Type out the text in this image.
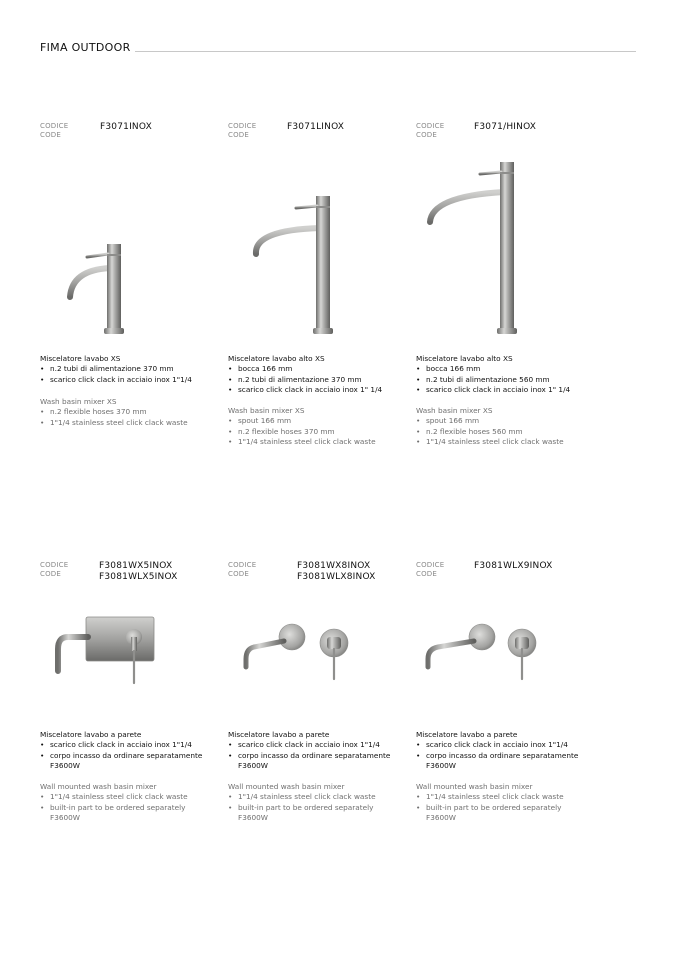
FIMA OUTDOOR
CODICE
CODE
F3071INOX

Miscelatore lavabo XS

• n.2 tubi di alimentazione 370 mm
• scarico click clack in acciaio inox 1"1/4

Wash basin mixer XS

• n.2 flexible hoses 370 mm
• 1"1/4 stainless steel click clack waste
CODICE
CODE
F3071LINOX

Miscelatore lavabo alto XS

• bocca 166 mm
• n.2 tubi di alimentazione 370 mm
• scarico click clack in acciaio inox 1" 1/4

Wash basin mixer XS

• spout 166 mm
• n.2 flexible hoses 370 mm
• 1"1/4 stainless steel click clack waste
CODICE
CODE
F3071/HINOX

Miscelatore lavabo alto XS

• bocca 166 mm
• n.2 tubi di alimentazione 560 mm
• scarico click clack in acciaio inox 1" 1/4

Wash basin mixer XS

• spout 166 mm
• n.2 flexible hoses 560 mm
• 1"1/4 stainless steel click clack waste
CODICE
CODE
F3081WX5INOX
F3081WLX5INOX

Miscelatore lavabo a parete

• scarico click clack in acciaio inox 1"1/4
• corpo incasso da ordinare separatamente
F3600W

Wall mounted wash basin mixer

• 1"1/4 stainless steel click clack waste
• built-in part to be ordered separately
F3600W
CODICE
CODE
F3081WX8INOX
F3081WLX8INOX

Miscelatore lavabo a parete

• scarico click clack in acciaio inox 1"1/4
• corpo incasso da ordinare separatamente
F3600W

Wall mounted wash basin mixer

• 1"1/4 stainless steel click clack waste
• built-in part to be ordered separately
F3600W
CODICE
CODE
F3081WLX9INOX

Miscelatore lavabo a parete

• scarico click clack in acciaio inox 1"1/4
• corpo incasso da ordinare separatamente
F3600W

Wall mounted wash basin mixer

• 1"1/4 stainless steel click clack waste
• built-in part to be ordered separately
F3600W
